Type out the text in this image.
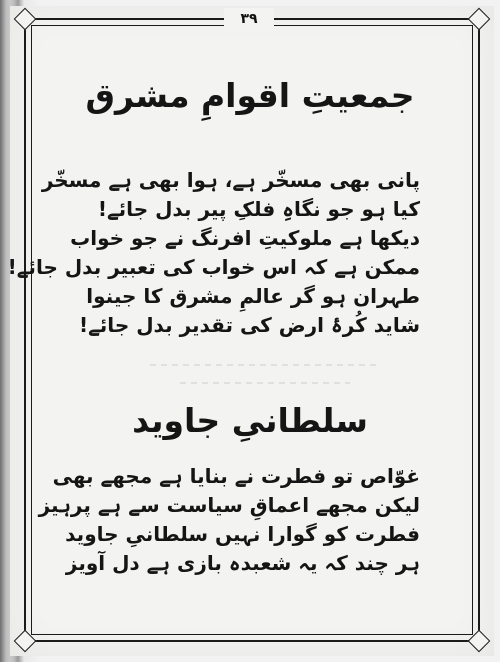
۳۹
جمعیتِ اقوامِ مشرق
پانی بھی مسخّر ہے، ہوا بھی ہے مسخّر
کیا ہو جو نگاہِ فلکِ پیر بدل جائے!
دیکھا ہے ملوکیتِ افرنگ نے جو خواب
ممکن ہے کہ اس خواب کی تعبیر بدل جائے!
طہران ہو گر عالمِ مشرق کا جینوا
شاید کُرۂ ارض کی تقدیر بدل جائے!
سلطانیِ جاوید
غوّاص تو فطرت نے بنایا ہے مجھے بھی
لیکن مجھے اعماقِ سیاست سے ہے پرہیز
فطرت کو گوارا نہیں سلطانیِ جاوید
ہر چند کہ یہ شعبدہ بازی ہے دل آویز
